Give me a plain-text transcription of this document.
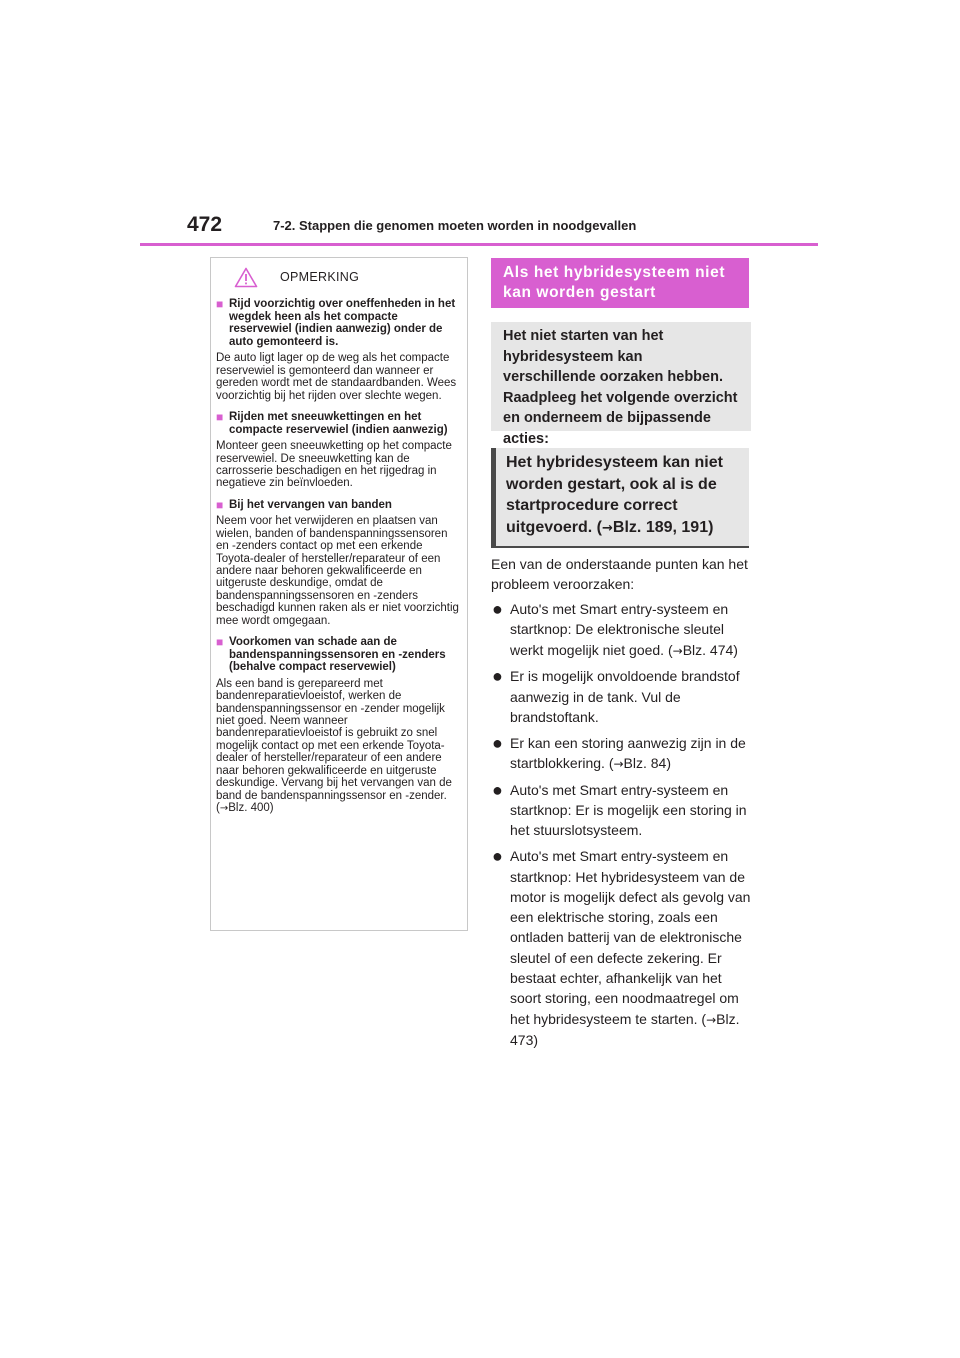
472	7-2. Stappen die genomen moeten worden in noodgevallen
OPMERKING
■ Rijd voorzichtig over oneffenheden in het wegdek heen als het compacte reservewiel (indien aanwezig) onder de auto gemonteerd is.
De auto ligt lager op de weg als het compacte reservewiel is gemonteerd dan wanneer er gereden wordt met de standaardbanden. Wees voorzichtig bij het rijden over slechte wegen.
■ Rijden met sneeuwkettingen en het compacte reservewiel (indien aanwezig)
Monteer geen sneeuwketting op het compacte reservewiel. De sneeuwketting kan de carrosserie beschadigen en het rijgedrag in negatieve zin beïnvloeden.
■ Bij het vervangen van banden
Neem voor het verwijderen en plaatsen van wielen, banden of bandenspanningssensoren en -zenders contact op met een erkende Toyota-dealer of hersteller/reparateur of een andere naar behoren gekwalificeerde en uitgeruste deskundige, omdat de bandenspanningssensoren en -zenders beschadigd kunnen raken als er niet voorzichtig mee wordt omgegaan.
■ Voorkomen van schade aan de bandenspanningssensoren en -zenders (behalve compact reservewiel)
Als een band is gerepareerd met bandenreparatievloeistof, werken de bandenspanningssensor en -zender mogelijk niet goed. Neem wanneer bandenreparatievloeistof is gebruikt zo snel mogelijk contact op met een erkende Toyota-dealer of hersteller/reparateur of een andere naar behoren gekwalificeerde en uitgeruste deskundige. Vervang bij het vervangen van de band de bandenspanningssensor en -zender. (→Blz. 400)
Als het hybridesysteem niet kan worden gestart
Het niet starten van het hybridesysteem kan verschillende oorzaken hebben. Raadpleeg het volgende overzicht en onderneem de bijpassende acties:
Het hybridesysteem kan niet worden gestart, ook al is de startprocedure correct uitgevoerd. (→Blz. 189, 191)
Een van de onderstaande punten kan het probleem veroorzaken:
● Auto's met Smart entry-systeem en startknop: De elektronische sleutel werkt mogelijk niet goed. (→Blz. 474)
● Er is mogelijk onvoldoende brandstof aanwezig in de tank. Vul de brandstoftank.
● Er kan een storing aanwezig zijn in de startblokkering. (→Blz. 84)
● Auto's met Smart entry-systeem en startknop: Er is mogelijk een storing in het stuurslotsysteem.
● Auto's met Smart entry-systeem en startknop: Het hybridesysteem van de motor is mogelijk defect als gevolg van een elektrische storing, zoals een ontladen batterij van de elektronische sleutel of een defecte zekering. Er bestaat echter, afhankelijk van het soort storing, een noodmaatregel om het hybridesysteem te starten. (→Blz. 473)
